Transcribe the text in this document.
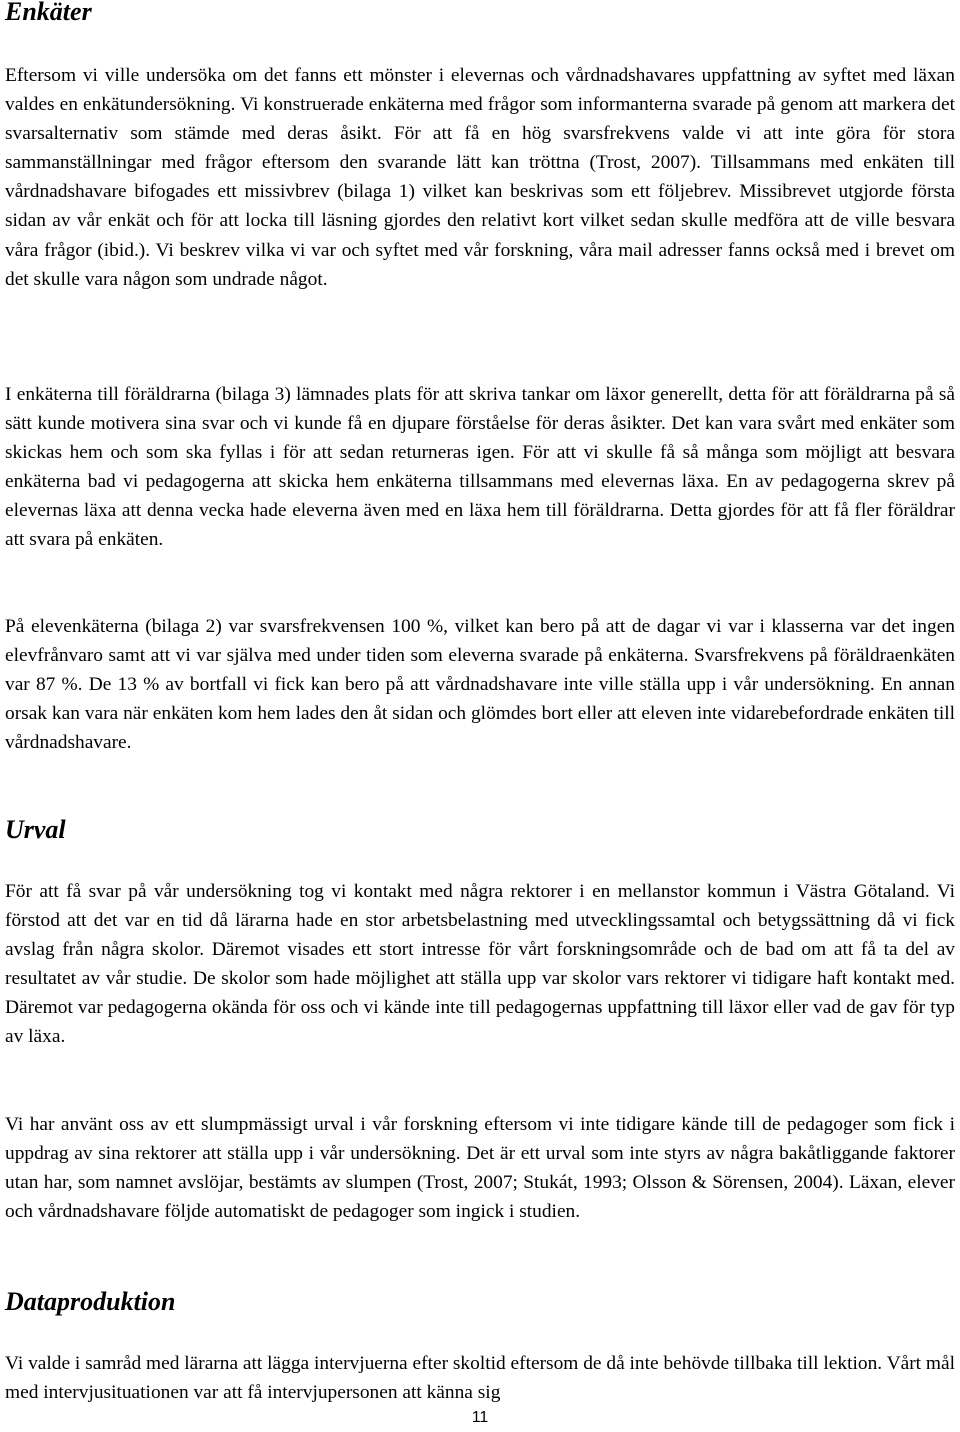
Enkäter

Eftersom vi ville undersöka om det fanns ett mönster i elevernas och vårdnadshavares uppfattning av syftet med läxan valdes en enkätundersökning. Vi konstruerade enkäterna med frågor som informanterna svarade på genom att markera det svarsalternativ som stämde med deras åsikt. För att få en hög svarsfrekvens valde vi att inte göra för stora sammanställningar med frågor eftersom den svarande lätt kan tröttna (Trost, 2007). Tillsammans med enkäten till vårdnadshavare bifogades ett missivbrev (bilaga 1) vilket kan beskrivas som ett följebrev. Missibrevet utgjorde första sidan av vår enkät och för att locka till läsning gjordes den relativt kort vilket sedan skulle medföra att de ville besvara våra frågor (ibid.). Vi beskrev vilka vi var och syftet med vår forskning, våra mail adresser fanns också med i brevet om det skulle vara någon som undrade något.

I enkäterna till föräldrarna (bilaga 3) lämnades plats för att skriva tankar om läxor generellt, detta för att föräldrarna på så sätt kunde motivera sina svar och vi kunde få en djupare förståelse för deras åsikter. Det kan vara svårt med enkäter som skickas hem och som ska fyllas i för att sedan returneras igen. För att vi skulle få så många som möjligt att besvara enkäterna bad vi pedagogerna att skicka hem enkäterna tillsammans med elevernas läxa. En av pedagogerna skrev på elevernas läxa att denna vecka hade eleverna även med en läxa hem till föräldrarna. Detta gjordes för att få fler föräldrar att svara på enkäten.

På elevenkäterna (bilaga 2) var svarsfrekvensen 100 %, vilket kan bero på att de dagar vi var i klasserna var det ingen elevfrånvaro samt att vi var själva med under tiden som eleverna svarade på enkäterna. Svarsfrekvens på föräldraenkäten var 87 %. De 13 % av bortfall vi fick kan bero på att vårdnadshavare inte ville ställa upp i vår undersökning. En annan orsak kan vara när enkäten kom hem lades den åt sidan och glömdes bort eller att eleven inte vidarebefordrade enkäten till vårdnadshavare.

Urval

För att få svar på vår undersökning tog vi kontakt med några rektorer i en mellanstor kommun i Västra Götaland. Vi förstod att det var en tid då lärarna hade en stor arbetsbelastning med utvecklingssamtal och betygssättning då vi fick avslag från några skolor. Däremot visades ett stort intresse för vårt forskningsområde och de bad om att få ta del av resultatet av vår studie. De skolor som hade möjlighet att ställa upp var skolor vars rektorer vi tidigare haft kontakt med. Däremot var pedagogerna okända för oss och vi kände inte till pedagogernas uppfattning till läxor eller vad de gav för typ av läxa.

Vi har använt oss av ett slumpmässigt urval i vår forskning eftersom vi inte tidigare kände till de pedagoger som fick i uppdrag av sina rektorer att ställa upp i vår undersökning. Det är ett urval som inte styrs av några bakåtliggande faktorer utan har, som namnet avslöjar, bestämts av slumpen (Trost, 2007; Stukát, 1993; Olsson & Sörensen, 2004). Läxan, elever och vårdnadshavare följde automatiskt de pedagoger som ingick i studien.

Dataproduktion

Vi valde i samråd med lärarna att lägga intervjuerna efter skoltid eftersom de då inte behövde tillbaka till lektion. Vårt mål med intervjusituationen var att få intervjupersonen att känna sig

11
